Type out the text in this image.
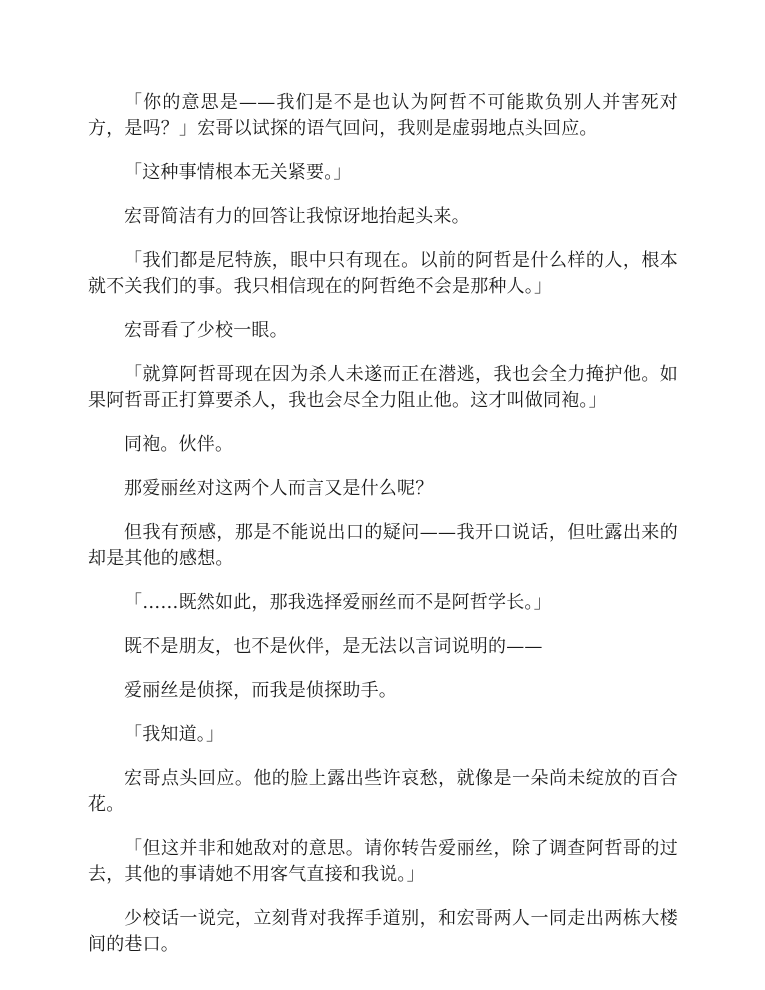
「你的意思是——我们是不是也认为阿哲不可能欺负别人并害死对方，是吗？」宏哥以试探的语气回问，我则是虚弱地点头回应。

「这种事情根本无关紧要。」

宏哥简洁有力的回答让我惊讶地抬起头来。

「我们都是尼特族，眼中只有现在。以前的阿哲是什么样的人，根本就不关我们的事。我只相信现在的阿哲绝不会是那种人。」

宏哥看了少校一眼。

「就算阿哲哥现在因为杀人未遂而正在潜逃，我也会全力掩护他。如果阿哲哥正打算要杀人，我也会尽全力阻止他。这才叫做同袍。」

同袍。伙伴。

那爱丽丝对这两个人而言又是什么呢？

但我有预感，那是不能说出口的疑问——我开口说话，但吐露出来的却是其他的感想。

「……既然如此，那我选择爱丽丝而不是阿哲学长。」

既不是朋友，也不是伙伴，是无法以言词说明的——

爱丽丝是侦探，而我是侦探助手。

「我知道。」

宏哥点头回应。他的脸上露出些许哀愁，就像是一朵尚未绽放的百合花。

「但这并非和她敌对的意思。请你转告爱丽丝，除了调查阿哲哥的过去，其他的事请她不用客气直接和我说。」

少校话一说完，立刻背对我挥手道别，和宏哥两人一同走出两栋大楼间的巷口。
